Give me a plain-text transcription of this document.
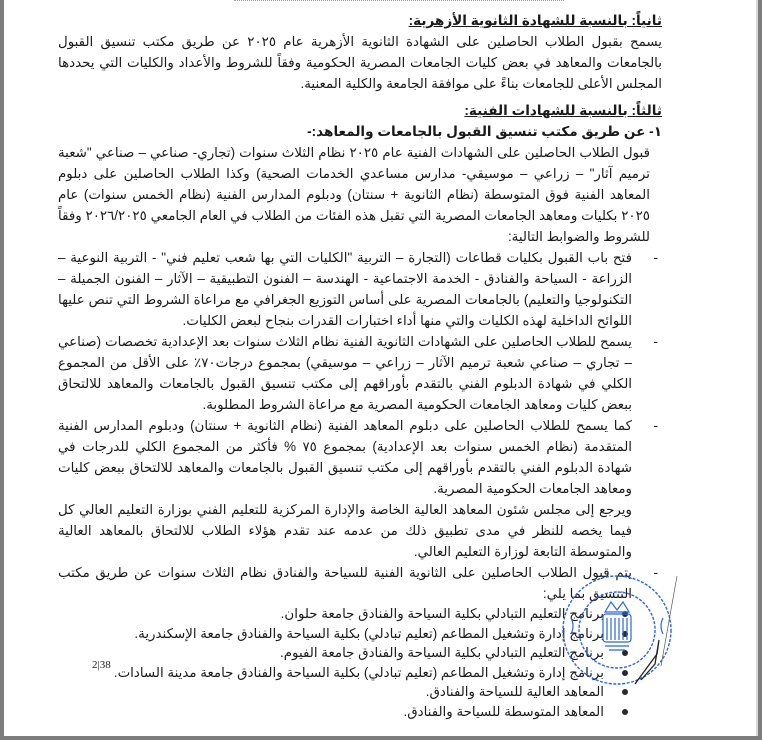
ثانياً: بالنسبة للشهادة الثانوية الأزهرية:

يسمح بقبول الطلاب الحاصلين على الشهادة الثانوية الأزهرية عام ٢٠٢٥ عن طريق مكتب تنسيق القبول بالجامعات والمعاهد في بعض كليات الجامعات المصرية الحكومية وفقاً للشروط والأعداد والكليات التي يحددها المجلس الأعلى للجامعات بناءً على موافقة الجامعة والكلية المعنية.

ثالثاً: بالنسبة للشهادات الفنية:
١- عن طريق مكتب تنسيق القبول بالجامعات والمعاهد:-

قبول الطلاب الحاصلين على الشهادات الفنية عام ٢٠٢٥ نظام الثلاث سنوات (تجاري- صناعي – صناعي "شعبة ترميم آثار" – زراعي – موسيقي- مدارس مساعدي الخدمات الصحية) وكذا الطلاب الحاصلين على دبلوم المعاهد الفنية فوق المتوسطة (نظام الثانوية + سنتان) ودبلوم المدارس الفنية (نظام الخمس سنوات) عام ٢٠٢٥ بكليات ومعاهد الجامعات المصرية التي تقبل هذه الفئات من الطلاب في العام الجامعي ٢٠٢٦/٢٠٢٥ وفقاً للشروط والضوابط التالية:

-
فتح باب القبول بكليات قطاعات (التجارة – التربية "الكليات التي بها شعب تعليم فني" - التربية النوعية – الزراعة - السياحة والفنادق - الخدمة الاجتماعية - الهندسة – الفنون التطبيقية – الآثار – الفنون الجميلة – التكنولوجيا والتعليم) بالجامعات المصرية على أساس التوزيع الجغرافي مع مراعاة الشروط التي تنص عليها اللوائح الداخلية لهذه الكليات والتي منها أداء اختبارات القدرات بنجاح لبعض الكليات.
-
يسمح للطلاب الحاصلين على الشهادات الثانوية الفنية نظام الثلاث سنوات بعد الإعدادية تخصصات (صناعي – تجاري – صناعي شعبة ترميم الآثار – زراعي – موسيقي) بمجموع درجات٧٠٪ على الأقل من المجموع الكلي في شهادة الدبلوم الفني بالتقدم بأوراقهم إلى مكتب تنسيق القبول بالجامعات والمعاهد للالتحاق ببعض كليات ومعاهد الجامعات الحكومية المصرية مع مراعاة الشروط المطلوبة.
-
كما يسمح للطلاب الحاصلين على دبلوم المعاهد الفنية (نظام الثانوية + سنتان) ودبلوم المدارس الفنية المتقدمة (نظام الخمس سنوات بعد الإعدادية) بمجموع ٧٥ % فأكثر من المجموع الكلي للدرجات في شهادة الدبلوم الفني بالتقدم بأوراقهم إلى مكتب تنسيق القبول بالجامعات والمعاهد للالتحاق ببعض كليات ومعاهد الجامعات الحكومية المصرية.
ويرجع إلى مجلس شئون المعاهد العالية الخاصة والإدارة المركزية للتعليم الفني بوزارة التعليم العالي كل فيما يخصه للنظر في مدى تطبيق ذلك من عدمه عند تقدم هؤلاء الطلاب للالتحاق بالمعاهد العالية والمتوسطة التابعة لوزارة التعليم العالي.
-
يتم قبول الطلاب الحاصلين على الثانوية الفنية للسياحة والفنادق نظام الثلاث سنوات عن طريق مكتب التنسيق بما يلي:
برنامج التعليم التبادلي بكلية السياحة والفنادق جامعة حلوان.
برنامج إدارة وتشغيل المطاعم (تعليم تبادلي) بكلية السياحة والفنادق جامعة الإسكندرية.
برنامج التعليم التبادلي بكلية السياحة والفنادق جامعة الفيوم.
برنامج إدارة وتشغيل المطاعم (تعليم تبادلي) بكلية السياحة والفنادق جامعة مدينة السادات.
المعاهد العالية للسياحة والفنادق.
المعاهد المتوسطة للسياحة والفنادق.
2|38
